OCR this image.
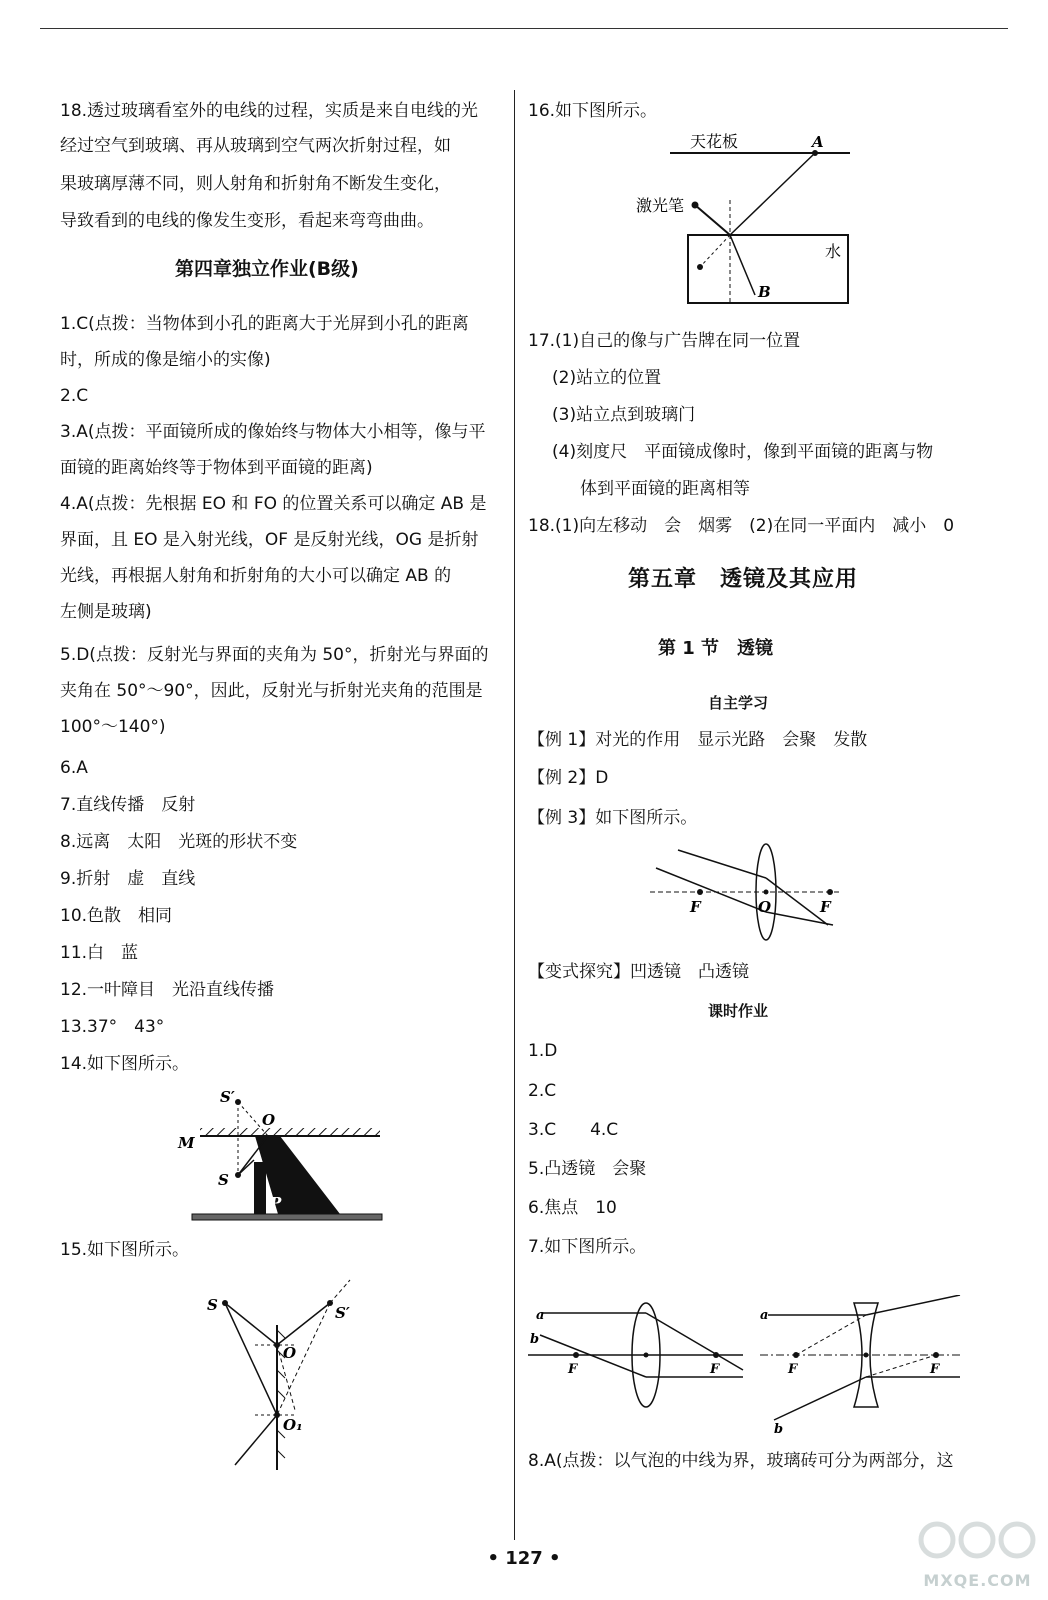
18.透过玻璃看室外的电线的过程，实质是来自电线的光
经过空气到玻璃、再从玻璃到空气两次折射过程，如
果玻璃厚薄不同，则人射角和折射角不断发生变化，
导致看到的电线的像发生变形，看起来弯弯曲曲。
第四章独立作业(B级)
1.C(点拨：当物体到小孔的距离大于光屏到小孔的距离
时，所成的像是缩小的实像)
2.C
3.A(点拨：平面镜所成的像始终与物体大小相等，像与平
面镜的距离始终等于物体到平面镜的距离)
4.A(点拨：先根据 EO 和 FO 的位置关系可以确定 AB 是
界面，且 EO 是入射光线，OF 是反射光线，OG 是折射
光线，再根据人射角和折射角的大小可以确定 AB 的
左侧是玻璃)
5.D(点拨：反射光与界面的夹角为 50°，折射光与界面的
夹角在 50°～90°，因此，反射光与折射光夹角的范围是
100°～140°)
6.A
7.直线传播　反射
8.远离　太阳　光斑的形状不变
9.折射　虚　直线
10.色散　相同
11.白　蓝
12.一叶障目　光沿直线传播
13.37°　43°
14.如下图所示。
15.如下图所示。
S′
O
M
S
P
S	S′
O
O₁
16.如下图所示。
17.(1)自己的像与广告牌在同一位置
(2)站立的位置
(3)站立点到玻璃门
(4)刻度尺　平面镜成像时，像到平面镜的距离与物
体到平面镜的距离相等
18.(1)向左移动　会　烟雾　(2)在同一平面内　减小　0
第五章　透镜及其应用
第 1 节　透镜
自主学习
【例 1】对光的作用　显示光路　会聚　发散
【例 2】D
【例 3】如下图所示。
【变式探究】凹透镜　凸透镜
课时作业
1.D
2.C
3.C　　4.C
5.凸透镜　会聚
6.焦点　10
7.如下图所示。
8.A(点拨：以气泡的中线为界，玻璃砖可分为两部分，这
天花板	A
激光笔
水
B
F	O	F
a
b
F	F
a
b
F	F
• 127 •
MXQE.COM
